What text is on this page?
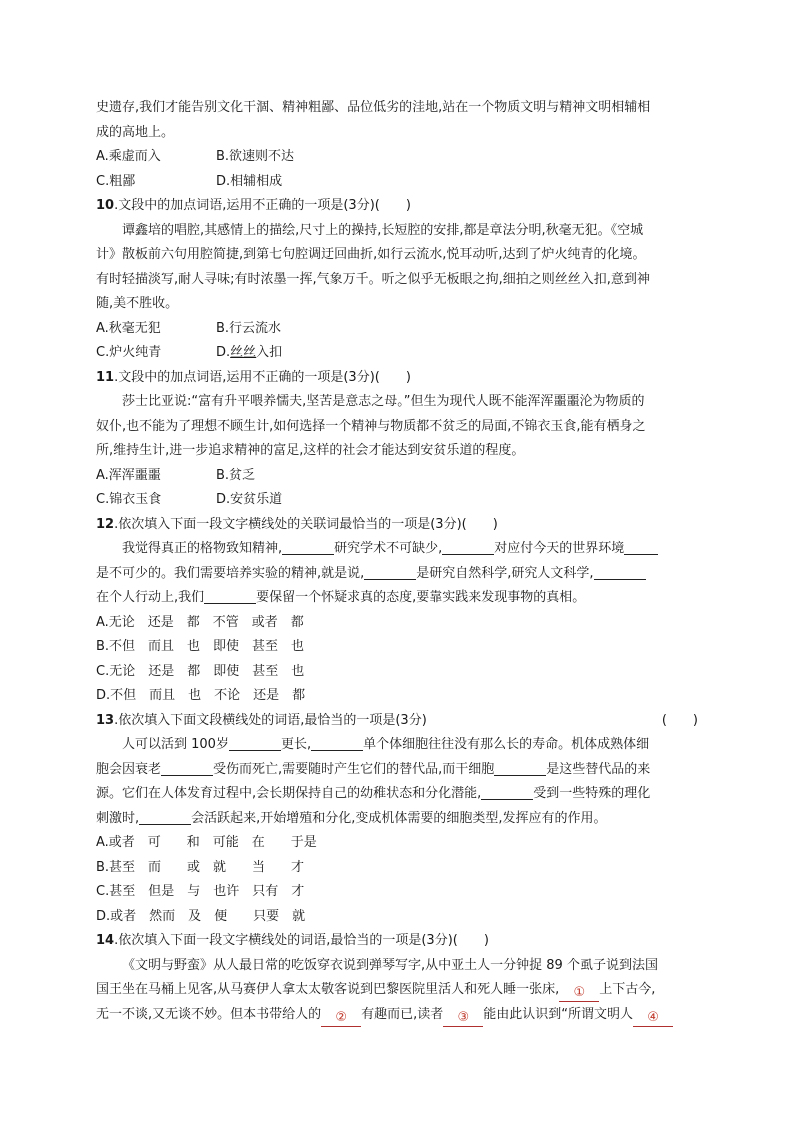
史遗存,我们才能告别文化干涸、精神粗鄙、品位低劣的洼地,站在一个物质文明与精神文明相辅相

成的高地上。

A.乘虚而入	B.欲速则不达
C.粗鄙	D.相辅相成

10.文段中的加点词语,运用不正确的一项是(3分)(　　)

谭鑫培的唱腔,其感情上的描绘,尺寸上的操持,长短腔的安排,都是章法分明,秋毫无犯。《空城

计》散板前六句用腔简捷,到第七句腔调迂回曲折,如行云流水,悦耳动听,达到了炉火纯青的化境。

有时轻描淡写,耐人寻味;有时浓墨一挥,气象万千。听之似乎无板眼之拘,细拍之则丝丝入扣,意到神

随,美不胜收。

A.秋毫无犯	B.行云流水
C.炉火纯青	D.丝丝入扣

11.文段中的加点词语,运用不正确的一项是(3分)(　　)

莎士比亚说:“富有升平喂养懦夫,坚苦是意志之母。”但生为现代人既不能浑浑噩噩沦为物质的

奴仆,也不能为了理想不顾生计,如何选择一个精神与物质都不贫乏的局面,不锦衣玉食,能有栖身之

所,维持生计,进一步追求精神的富足,这样的社会才能达到安贫乐道的程度。

A.浑浑噩噩	B.贫乏
C.锦衣玉食	D.安贫乐道

12.依次填入下面一段文字横线处的关联词最恰当的一项是(3分)(　　)

我觉得真正的格物致知精神,	研究学术不可缺少,	对应付今天的世界环境

是不可少的。我们需要培养实验的精神,就是说,	是研究自然科学,研究人文科学,

在个人行动上,我们	要保留一个怀疑求真的态度,要靠实践来发现事物的真相。

A.无论　还是　都　不管　或者　都

B.不但　而且　也　即使　甚至　也

C.无论　还是　都　即使　甚至　也

D.不但　而且　也　不论　还是　都

13.依次填入下面文段横线处的词语,最恰当的一项是(3分)	(　　)

人可以活到 100岁	更长,	单个体细胞往往没有那么长的寿命。机体成熟体细

胞会因衰老	受伤而死亡,需要随时产生它们的替代品,而干细胞	是这些替代品的来

源。它们在人体发育过程中,会长期保持自己的幼稚状态和分化潜能,	受到一些特殊的理化

刺激时,	会活跃起来,开始增殖和分化,变成机体需要的细胞类型,发挥应有的作用。

A.或者　可　　和　可能　在　　于是

B.甚至　而　　或　就　　当　　才

C.甚至　但是　与　也许　只有　才

D.或者　然而　及　便　　只要　就

14.依次填入下面一段文字横线处的词语,最恰当的一项是(3分)(　　)

《文明与野蛮》从人最日常的吃饭穿衣说到弹琴写字,从中亚土人一分钟捉 89 个虱子说到法国

国王坐在马桶上见客,从马赛伊人拿太太敬客说到巴黎医院里活人和死人睡一张床, ① 上下古今,

无一不谈,又无谈不妙。但本书带给人的 ② 有趣而已,读者 ③ 能由此认识到“所谓文明人 ④
